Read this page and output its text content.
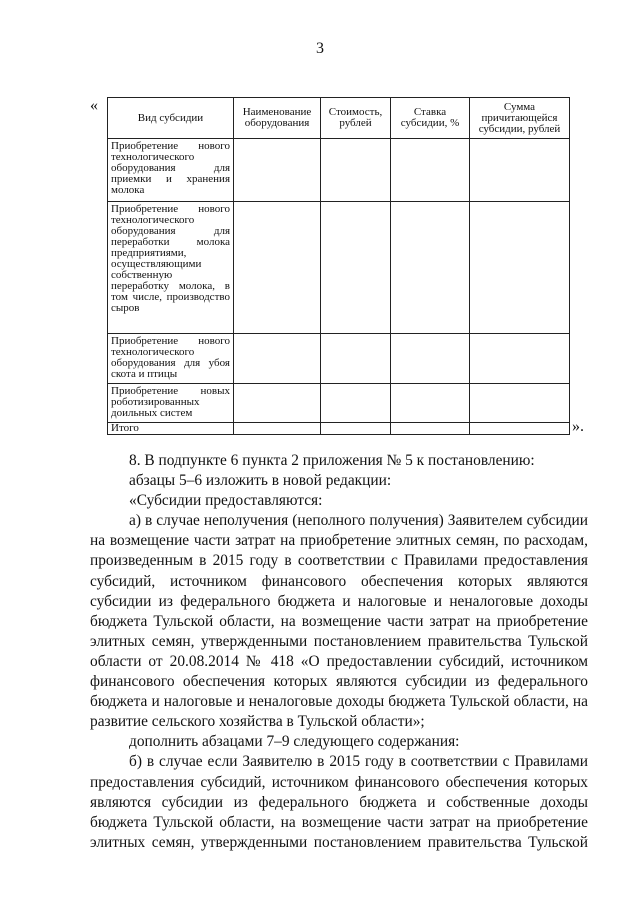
3
«
Вид субсидии	Наименование оборудования	Стоимость, рублей	Ставка субсидии, %	Сумма причитающейся субсидии, рублей
Приобретение нового технологического оборудования для приемки и хранения молока				
Приобретение нового технологического оборудования для переработки молока предприятиями, осуществляющими собственную переработку молока, в том числе, производство сыров				
Приобретение нового технологического оборудования для убоя скота и птицы				
Приобретение новых роботизированных доильных систем				
Итого					».

8. В подпункте 6 пункта 2 приложения № 5 к постановлению:

абзацы 5–6 изложить в новой редакции:

«Субсидии предоставляются:

а) в случае неполучения (неполного получения) Заявителем субсидии на возмещение части затрат на приобретение элитных семян, по расходам, произведенным в 2015 году в соответствии с Правилами предоставления субсидий, источником финансового обеспечения которых являются субсидии из федерального бюджета и налоговые и неналоговые доходы бюджета Тульской области, на возмещение части затрат на приобретение элитных семян, утвержденными постановлением правительства Тульской области от 20.08.2014 № 418 «О предоставлении субсидий, источником финансового обеспечения которых являются субсидии из федерального бюджета и налоговые и неналоговые доходы бюджета Тульской области, на развитие сельского хозяйства в Тульской области»;

дополнить абзацами 7–9 следующего содержания:

б) в случае если Заявителю в 2015 году в соответствии с Правилами предоставления субсидий, источником финансового обеспечения которых являются субсидии из федерального бюджета и собственные доходы бюджета Тульской области, на возмещение части затрат на приобретение элитных семян, утвержденными постановлением правительства Тульской
